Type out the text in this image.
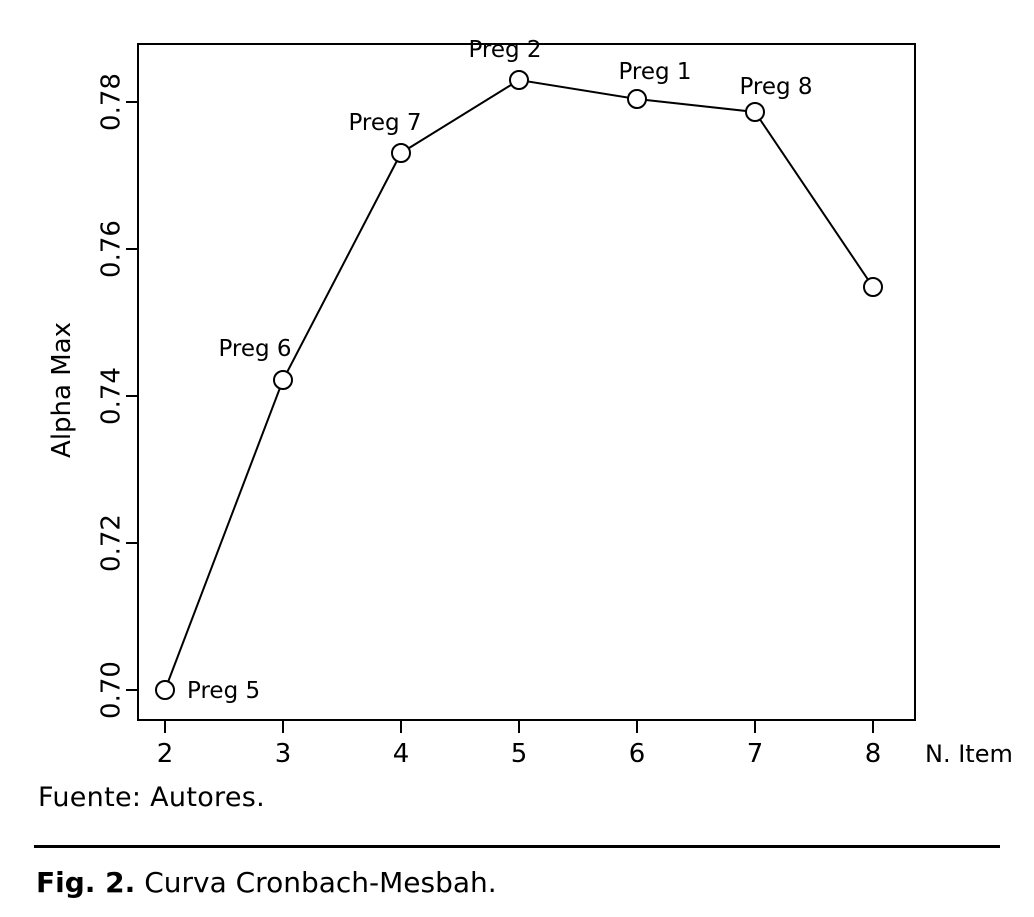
0.70
0.72
0.74
0.76
0.78
2	3	4	5	6	7	8
Alpha Max
N. Item
Preg 5
Preg 6
Preg 7
Preg 2
Preg 1
Preg 8
Fuente: Autores.
Fig. 2. Curva Cronbach-Mesbah.
